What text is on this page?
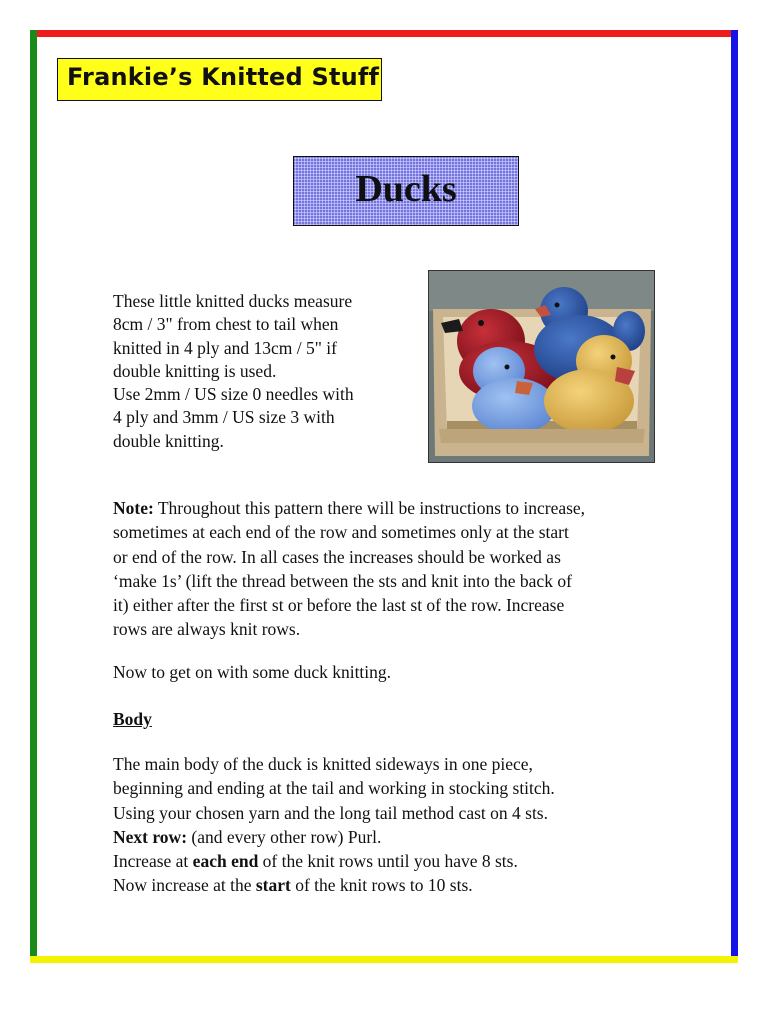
Frankie’s Knitted Stuff
Ducks

These little knitted ducks measure
8cm / 3" from chest to tail when
knitted in 4 ply and 13cm / 5" if
double knitting is used.
Use 2mm / US size 0 needles with
4 ply and 3mm / US size 3 with
double knitting.

Note: Throughout this pattern there will be instructions to increase,
sometimes at each end of the row and sometimes only at the start
or end of the row. In all cases the increases should be worked as
‘make 1s’ (lift the thread between the sts and knit into the back of
it) either after the first st or before the last st of the row. Increase
rows are always knit rows.

Now to get on with some duck knitting.

Body

The main body of the duck is knitted sideways in one piece,
beginning and ending at the tail and working in stocking stitch.
Using your chosen yarn and the long tail method cast on 4 sts.
Next row: (and every other row) Purl.
Increase at each end of the knit rows until you have 8 sts.
Now increase at the start of the knit rows to 10 sts.
